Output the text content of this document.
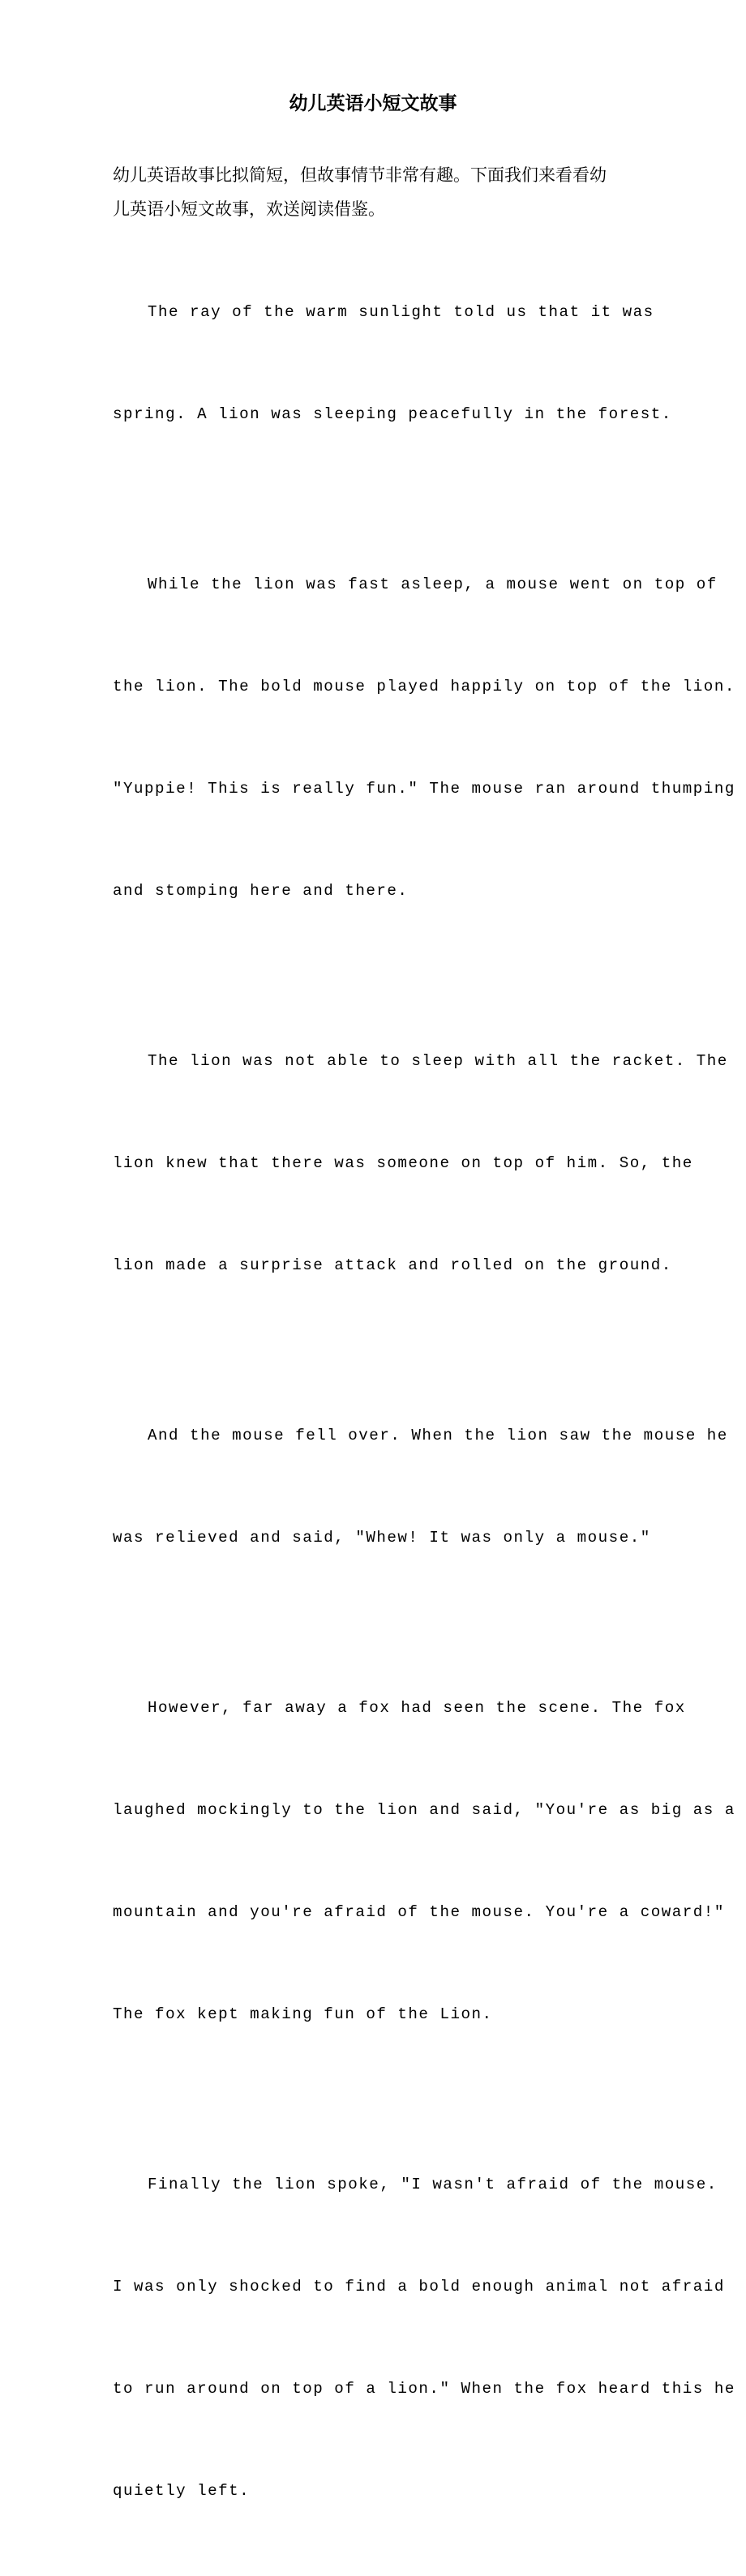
幼儿英语小短文故事
幼儿英语故事比拟简短，但故事情节非常有趣。下面我们来看看幼
儿英语小短文故事，欢送阅读借鉴。

The ray of the warm sunlight told us that it was

spring. A lion was sleeping peacefully in the forest.

While the lion was fast asleep, a mouse went on top of

the lion. The bold mouse played happily on top of the lion.

"Yuppie! This is really fun." The mouse ran around thumping

and stomping here and there.

The lion was not able to sleep with all the racket. The

lion knew that there was someone on top of him. So, the

lion made a surprise attack and rolled on the ground.

And the mouse fell over. When the lion saw the mouse he

was relieved and said, "Whew! It was only a mouse."

However, far away a fox had seen the scene. The fox

laughed mockingly to the lion and said, "You're as big as a

mountain and you're afraid of the mouse. You're a coward!"

The fox kept making fun of the Lion.

Finally the lion spoke, "I wasn't afraid of the mouse.

I was only shocked to find a bold enough animal not afraid

to run around on top of a lion." When the fox heard this he

quietly left.
